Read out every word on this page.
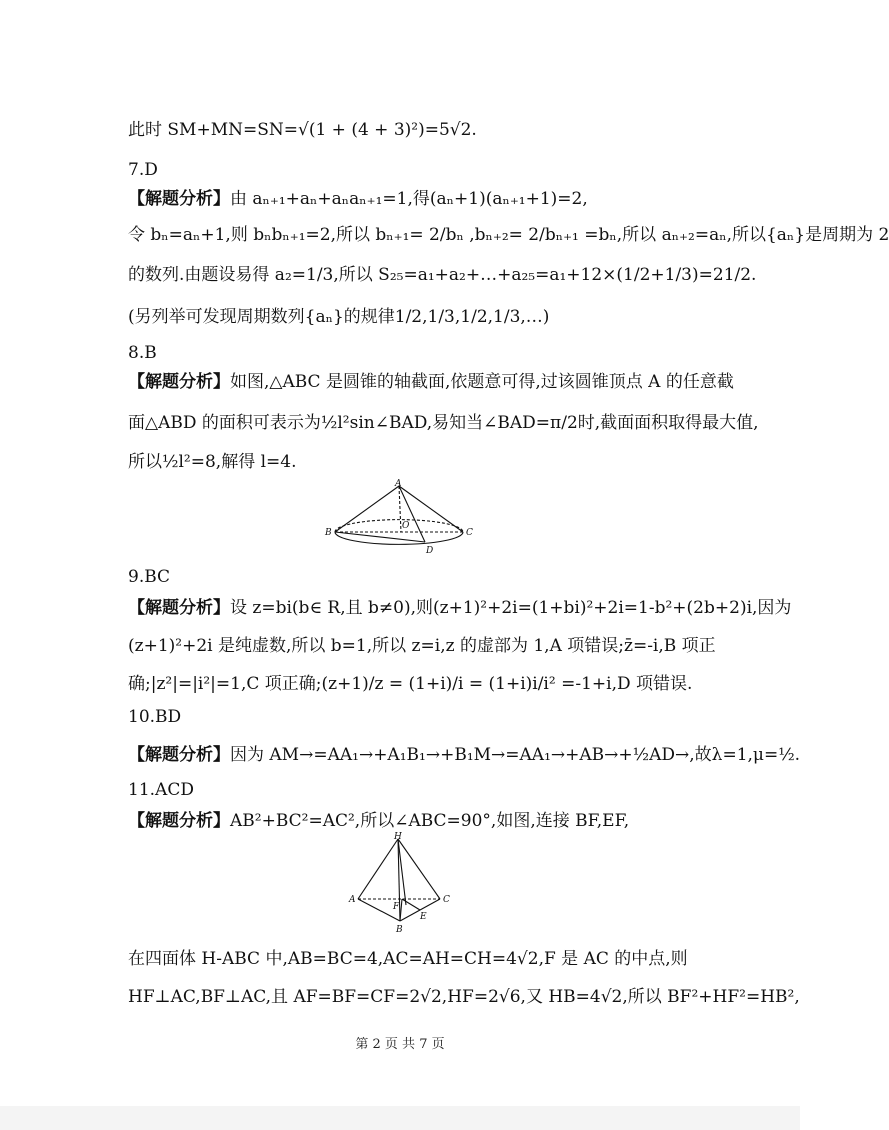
此时 SM+MN=SN=√(1 + (4 + 3)²)=5√2.
7.D
【解题分析】由 aₙ₊₁+aₙ+aₙaₙ₊₁=1,得(aₙ+1)(aₙ₊₁+1)=2,
令 bₙ=aₙ+1,则 bₙbₙ₊₁=2,所以 bₙ₊₁= 2/bₙ ,bₙ₊₂= 2/bₙ₊₁ =bₙ,所以 aₙ₊₂=aₙ,所以{aₙ}是周期为 2
的数列.由题设易得 a₂=1/3,所以 S₂₅=a₁+a₂+…+a₂₅=a₁+12×(1/2+1/3)=21/2.
(另列举可发现周期数列{aₙ}的规律1/2,1/3,1/2,1/3,…)
8.B
【解题分析】如图,△ABC 是圆锥的轴截面,依题意可得,过该圆锥顶点 A 的任意截
面△ABD 的面积可表示为½l²sin∠BAD,易知当∠BAD=π/2时,截面面积取得最大值,
所以½l²=8,解得 l=4.
A
B	C
O
D
9.BC
【解题分析】设 z=bi(b∈ R,且 b≠0),则(z+1)²+2i=(1+bi)²+2i=1-b²+(2b+2)i,因为
(z+1)²+2i 是纯虚数,所以 b=1,所以 z=i,z 的虚部为 1,A 项错误;z̄=-i,B 项正
确;|z²|=|i²|=1,C 项正确;(z+1)/z = (1+i)/i = (1+i)i/i² =-1+i,D 项错误.
10.BD
【解题分析】因为 AM→=AA₁→+A₁B₁→+B₁M→=AA₁→+AB→+½AD→,故λ=1,μ=½.
11.ACD
【解题分析】AB²+BC²=AC²,所以∠ABC=90°,如图,连接 BF,EF,
H
A
B
C
F
E
在四面体 H-ABC 中,AB=BC=4,AC=AH=CH=4√2,F 是 AC 的中点,则
HF⊥AC,BF⊥AC,且 AF=BF=CF=2√2,HF=2√6,又 HB=4√2,所以 BF²+HF²=HB²,
第 2 页 共 7 页
